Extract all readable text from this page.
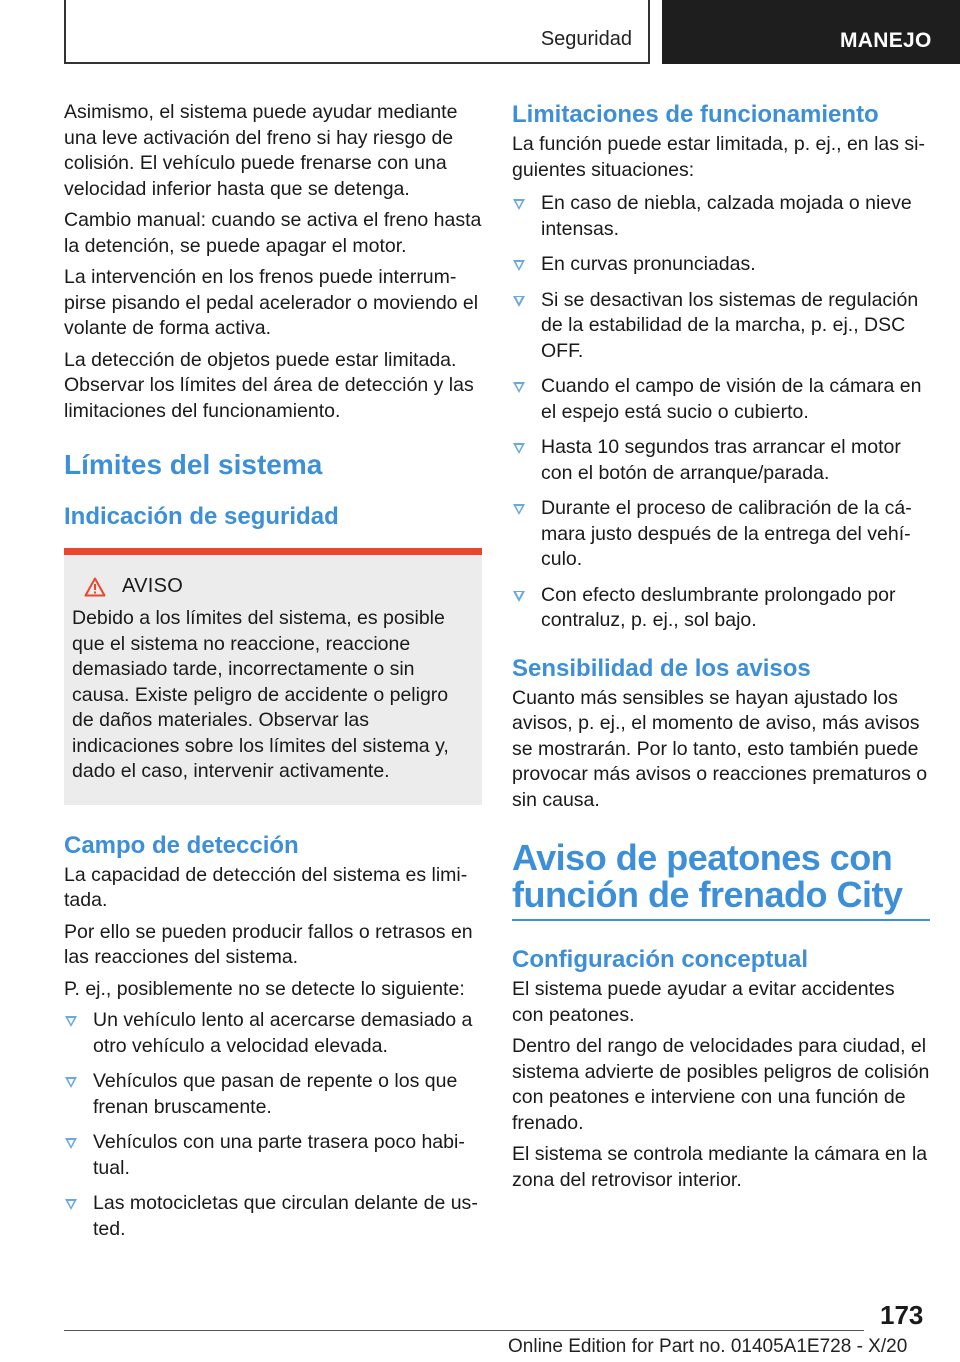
Seguridad	MANEJO

Asimismo, el sistema puede ayudar mediante una leve activación del freno si hay riesgo de colisión. El vehículo puede frenarse con una velocidad inferior hasta que se detenga.

Cambio manual: cuando se activa el freno hasta la detención, se puede apagar el motor.

La intervención en los frenos puede interrumpirse pisando el pedal acelerador o moviendo el volante de forma activa.

La detección de objetos puede estar limitada. Observar los límites del área de detección y las limitaciones del funcionamiento.

Límites del sistema
Indicación de seguridad
AVISO
Debido a los límites del sistema, es posible que el sistema no reaccione, reaccione demasiado tarde, incorrectamente o sin causa. Existe peligro de accidente o peligro de daños materiales. Observar las indicaciones sobre los límites del sistema y, dado el caso, intervenir activamente.
Campo de detección

La capacidad de detección del sistema es limitada.

Por ello se pueden producir fallos o retrasos en las reacciones del sistema.

P. ej., posiblemente no se detecte lo siguiente:

Un vehículo lento al acercarse demasiado a otro vehículo a velocidad elevada.
Vehículos que pasan de repente o los que frenan bruscamente.
Vehículos con una parte trasera poco habitual.
Las motocicletas que circulan delante de usted.
Limitaciones de funcionamiento

La función puede estar limitada, p. ej., en las siguientes situaciones:

En caso de niebla, calzada mojada o nieve intensas.
En curvas pronunciadas.
Si se desactivan los sistemas de regulación de la estabilidad de la marcha, p. ej., DSC OFF.
Cuando el campo de visión de la cámara en el espejo está sucio o cubierto.
Hasta 10 segundos tras arrancar el motor con el botón de arranque/parada.
Durante el proceso de calibración de la cámara justo después de la entrega del vehículo.
Con efecto deslumbrante prolongado por contraluz, p. ej., sol bajo.
Sensibilidad de los avisos

Cuanto más sensibles se hayan ajustado los avisos, p. ej., el momento de aviso, más avisos se mostrarán. Por lo tanto, esto también puede provocar más avisos o reacciones prematuros o sin causa.

Aviso de peatones con función de frenado City
Configuración conceptual

El sistema puede ayudar a evitar accidentes con peatones.

Dentro del rango de velocidades para ciudad, el sistema advierte de posibles peligros de colisión con peatones e interviene con una función de frenado.

El sistema se controla mediante la cámara en la zona del retrovisor interior.

173
Online Edition for Part no. 01405A1E728 - X/20
